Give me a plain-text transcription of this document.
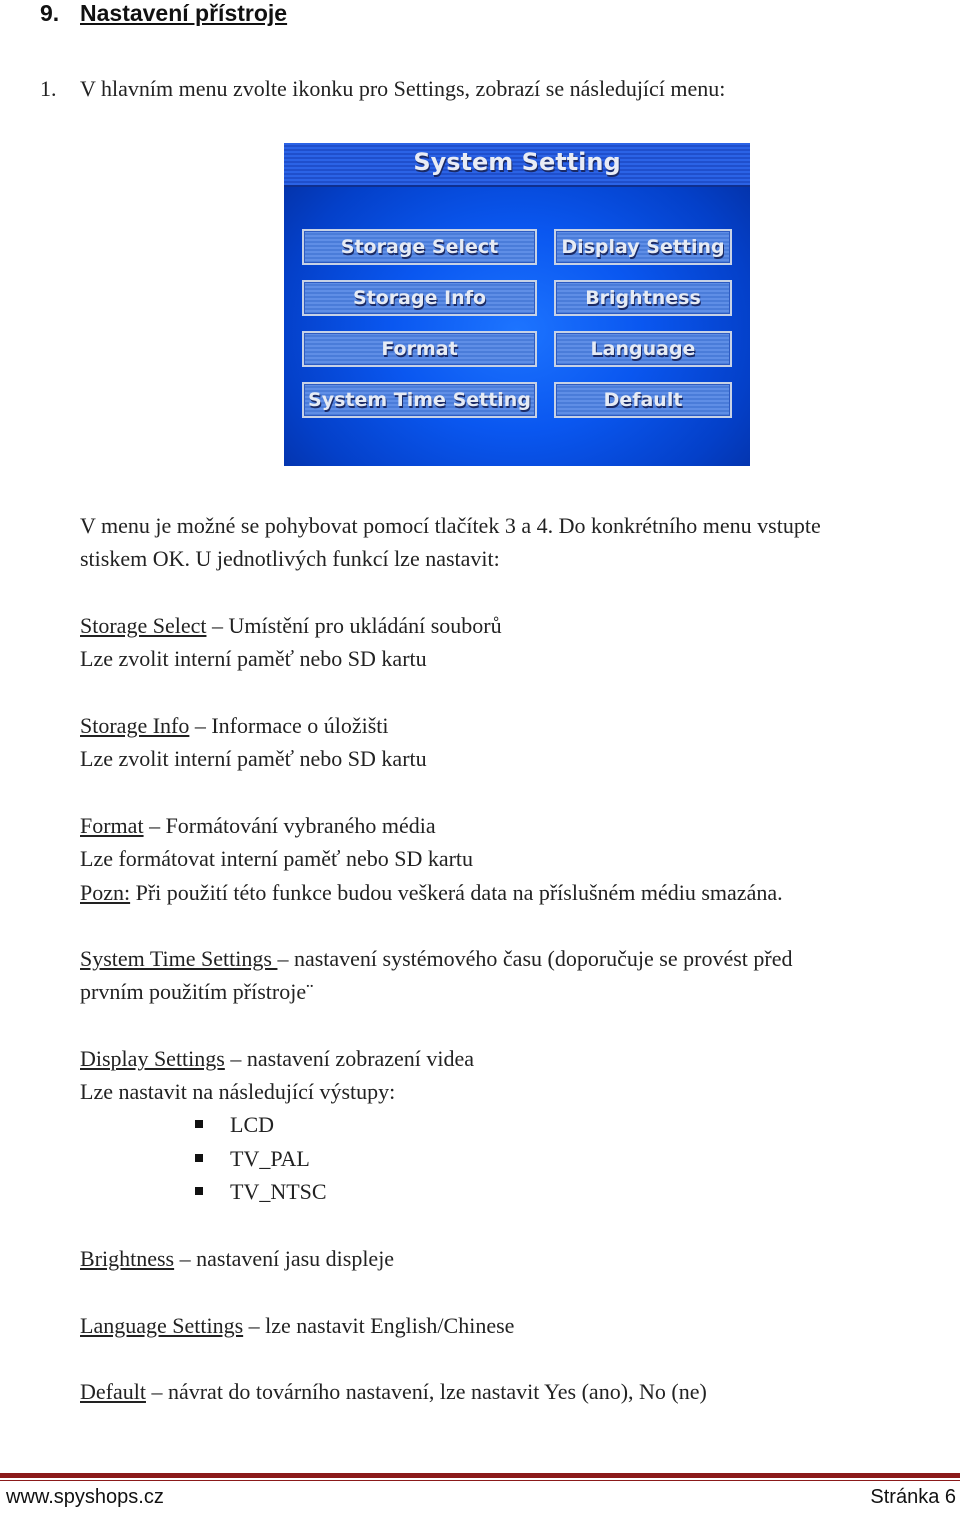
9. Nastavení přístroje
1. V hlavním menu zvolte ikonku pro Settings, zobrazí se následující menu:
System Setting
Storage Select
Storage Info
Format
System Time Setting
Display Setting
Brightness
Language
Default
V menu je možné se pohybovat pomocí tlačítek 3 a 4. Do konkrétního menu vstupte
stiskem OK. U jednotlivých funkcí lze nastavit:
Storage Select – Umístění pro ukládání souborů
Lze zvolit interní paměť nebo SD kartu
Storage Info – Informace o úložišti
Lze zvolit interní paměť nebo SD kartu
Format – Formátování vybraného média
Lze formátovat interní paměť nebo SD kartu
Pozn: Při použití této funkce budou veškerá data na příslušném médiu smazána.
System Time Settings – nastavení systémového času (doporučuje se provést před
prvním použitím přístroje¨
Display Settings – nastavení zobrazení videa
Lze nastavit na následující výstupy:
LCD
TV_PAL
TV_NTSC
Brightness – nastavení jasu displeje
Language Settings – lze nastavit English/Chinese
Default – návrat do továrního nastavení, lze nastavit Yes (ano), No (ne)
www.spyshops.cz	Stránka 6
